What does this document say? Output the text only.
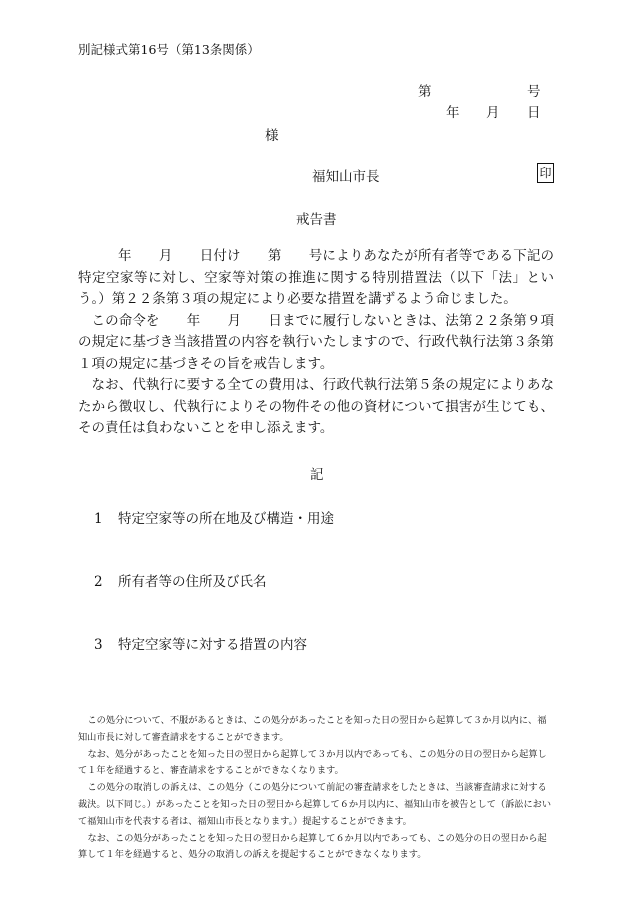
別記様式第16号（第13条関係）
第	号
年 月 日
様
福知山市長	印
戒告書

年　　月　　日付け　　第　　号によりあなたが所有者等である下記の特定空家等に対し、空家等対策の推進に関する特別措置法（以下「法」という。）第２２条第３項の規定により必要な措置を講ずるよう命じました。

この命令を　　年　　月　　日までに履行しないときは、法第２２条第９項の規定に基づき当該措置の内容を執行いたしますので、行政代執行法第３条第１項の規定に基づきその旨を戒告します。

なお、代執行に要する全ての費用は、行政代執行法第５条の規定によりあなたから徴収し、代執行によりその物件その他の資材について損害が生じても、その責任は負わないことを申し添えます。

記
1 特定空家等の所在地及び構造・用途
2 所有者等の住所及び氏名
3 特定空家等に対する措置の内容

この処分について、不服があるときは、この処分があったことを知った日の翌日から起算して３か月以内に、福知山市長に対して審査請求をすることができます。

なお、処分があったことを知った日の翌日から起算して３か月以内であっても、この処分の日の翌日から起算して１年を経過すると、審査請求をすることができなくなります。

この処分の取消しの訴えは、この処分（この処分について前記の審査請求をしたときは、当該審査請求に対する裁決。以下同じ。）があったことを知った日の翌日から起算して６か月以内に、福知山市を被告として（訴訟において福知山市を代表する者は、福知山市長となります。）提起することができます。

なお、この処分があったことを知った日の翌日から起算して６か月以内であっても、この処分の日の翌日から起算して１年を経過すると、処分の取消しの訴えを提起することができなくなります。
